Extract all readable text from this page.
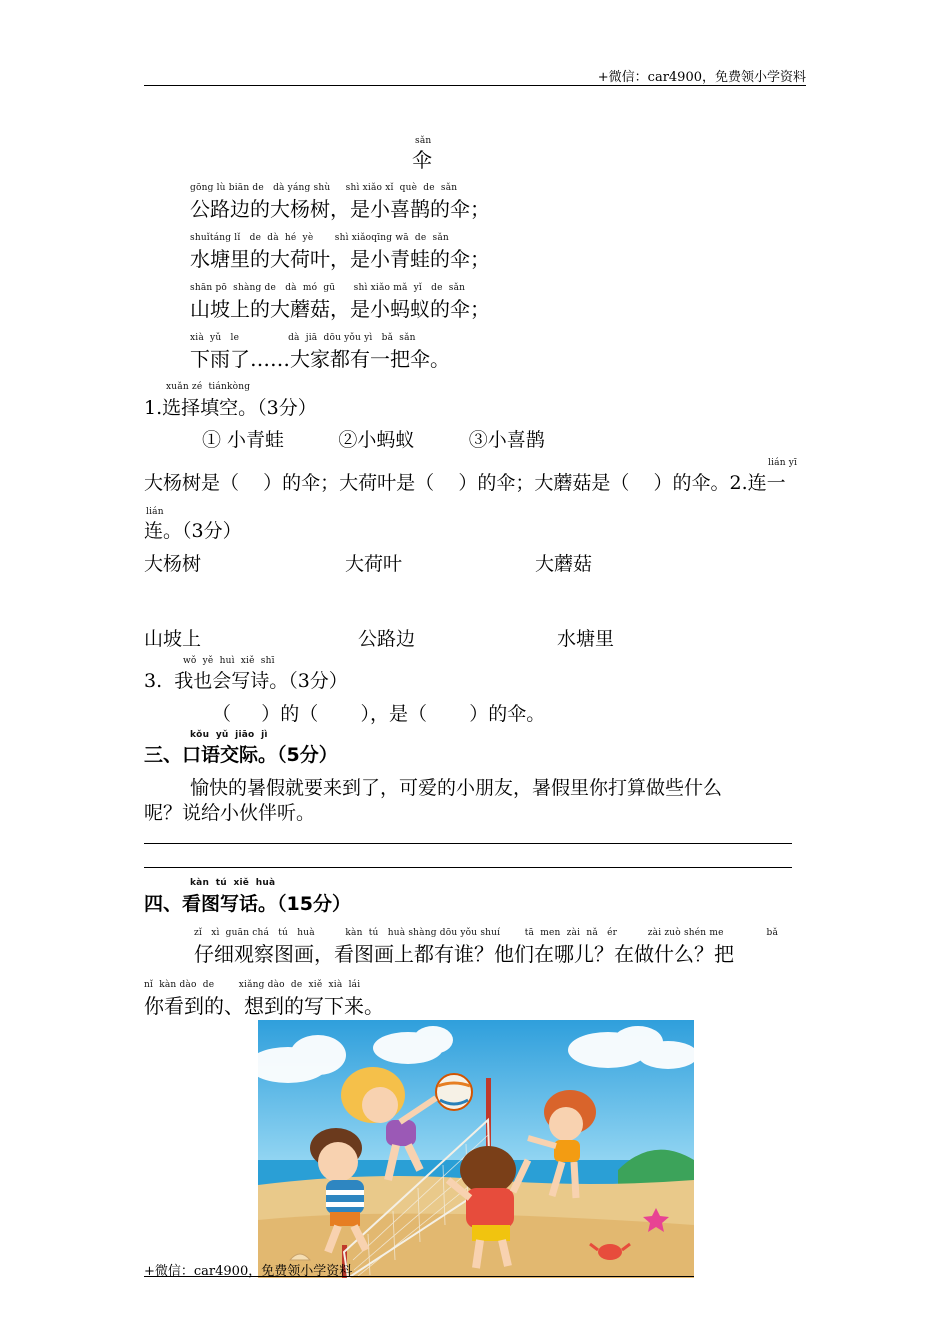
+微信：car4900，免费领小学资料
sǎn
伞
gōng lù biān de   dà yáng shù     shì xiǎo xǐ  què  de  sǎn
公路边的大杨树，是小喜鹊的伞；
shuǐtáng lǐ   de  dà  hé  yè       shì xiǎoqīng wā  de  sǎn
水塘里的大荷叶，是小青蛙的伞；
shān pō  shàng de   dà  mó  gū      shì xiǎo mǎ  yǐ   de  sǎn
山坡上的大蘑菇，是小蚂蚁的伞；
xià  yǔ   le                dà  jiā  dōu yǒu yì   bǎ  sǎn
下雨了……大家都有一把伞。
xuǎn zé  tiánkòng
1.选择填空。（3分）
① 小青蛙         ②小蚂蚁         ③小喜鹊
lián yī
大杨树是（    ）的伞；大荷叶是（    ）的伞；大蘑菇是（    ）的伞。2.连一
lián
连。（3分）
大杨树	大荷叶	大蘑菇
山坡上	公路边	水塘里
wǒ  yě  huì  xiě  shī
3.  我也会写诗。（3分）
（     ）的（       ），是（       ）的伞。
kǒu  yǔ  jiāo  jì
三、口语交际。（5分）
愉快的暑假就要来到了，可爱的小朋友，暑假里你打算做些什么
呢？说给小伙伴听。
kàn  tú  xiě  huà
四、看图写话。（15分）
zǐ   xì  guān chá   tú   huà          kàn  tú   huà shàng dōu yǒu shuí        tā  men  zài  nǎ   ér          zài zuò shén me              bǎ
仔细观察图画，看图画上都有谁？他们在哪儿？在做什么？把
nǐ  kàn dào  de        xiǎng dào  de  xiě  xià  lái
你看到的、想到的写下来。
+微信：car4900，免费领小学资料
